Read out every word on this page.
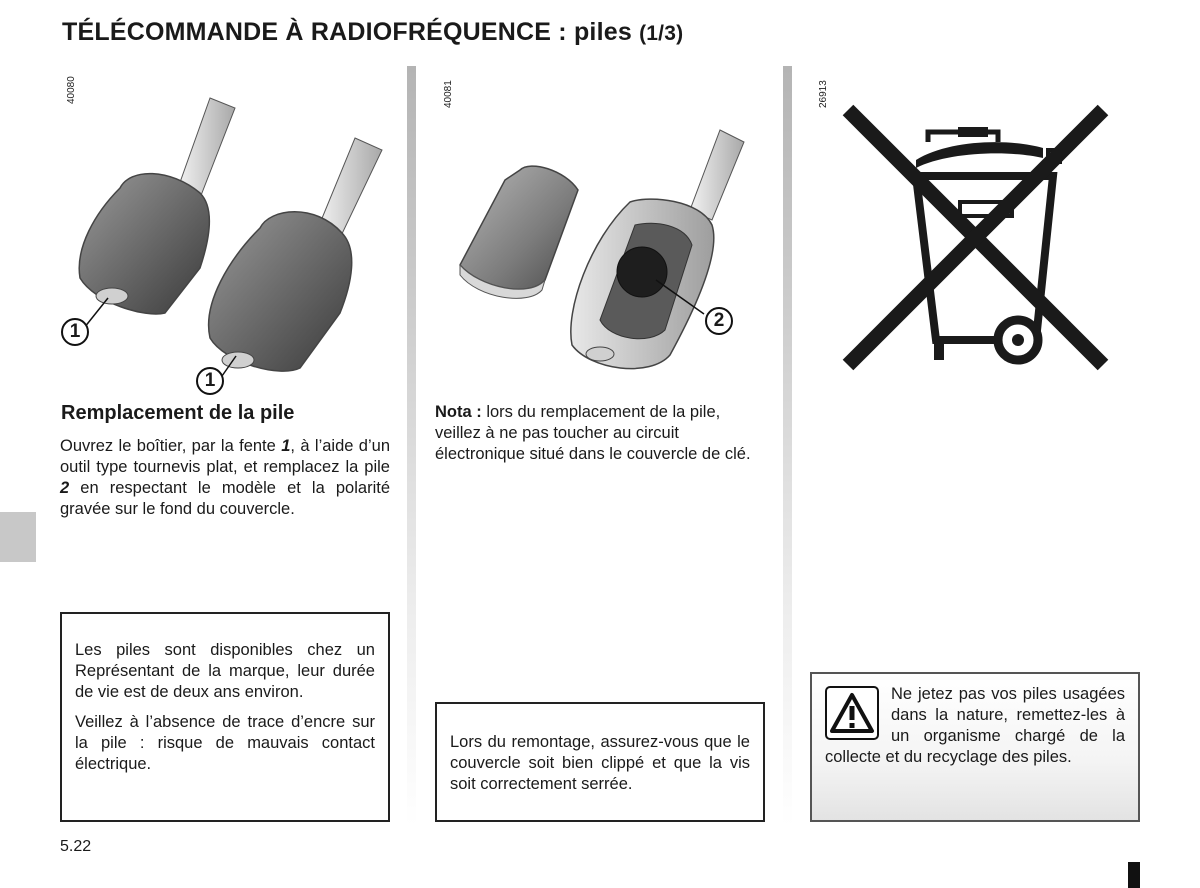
TÉLÉCOMMANDE À RADIOFRÉQUENCE : piles (1/3)
40080
1
1
Remplacement de la pile
Ouvrez le boîtier, par la fente 1, à l’aide d’un outil type tournevis plat, et remplacez la pile 2 en respectant le modèle et la polarité gravée sur le fond du couvercle.

Les piles sont disponibles chez un Représentant de la marque, leur durée de vie est de deux ans environ.

Veillez à l’absence de trace d’encre sur la pile : risque de mauvais contact électrique.

40081
2
Nota : lors du remplacement de la pile, veillez à ne pas toucher au circuit électronique situé dans le couvercle de clé.

Lors du remontage, assurez-vous que le couvercle soit bien clippé et que la vis soit correctement serrée.

26913

Ne jetez pas vos piles usagées dans la nature, remettez-les à un organisme chargé de la collecte et du recyclage des piles.

5.22
